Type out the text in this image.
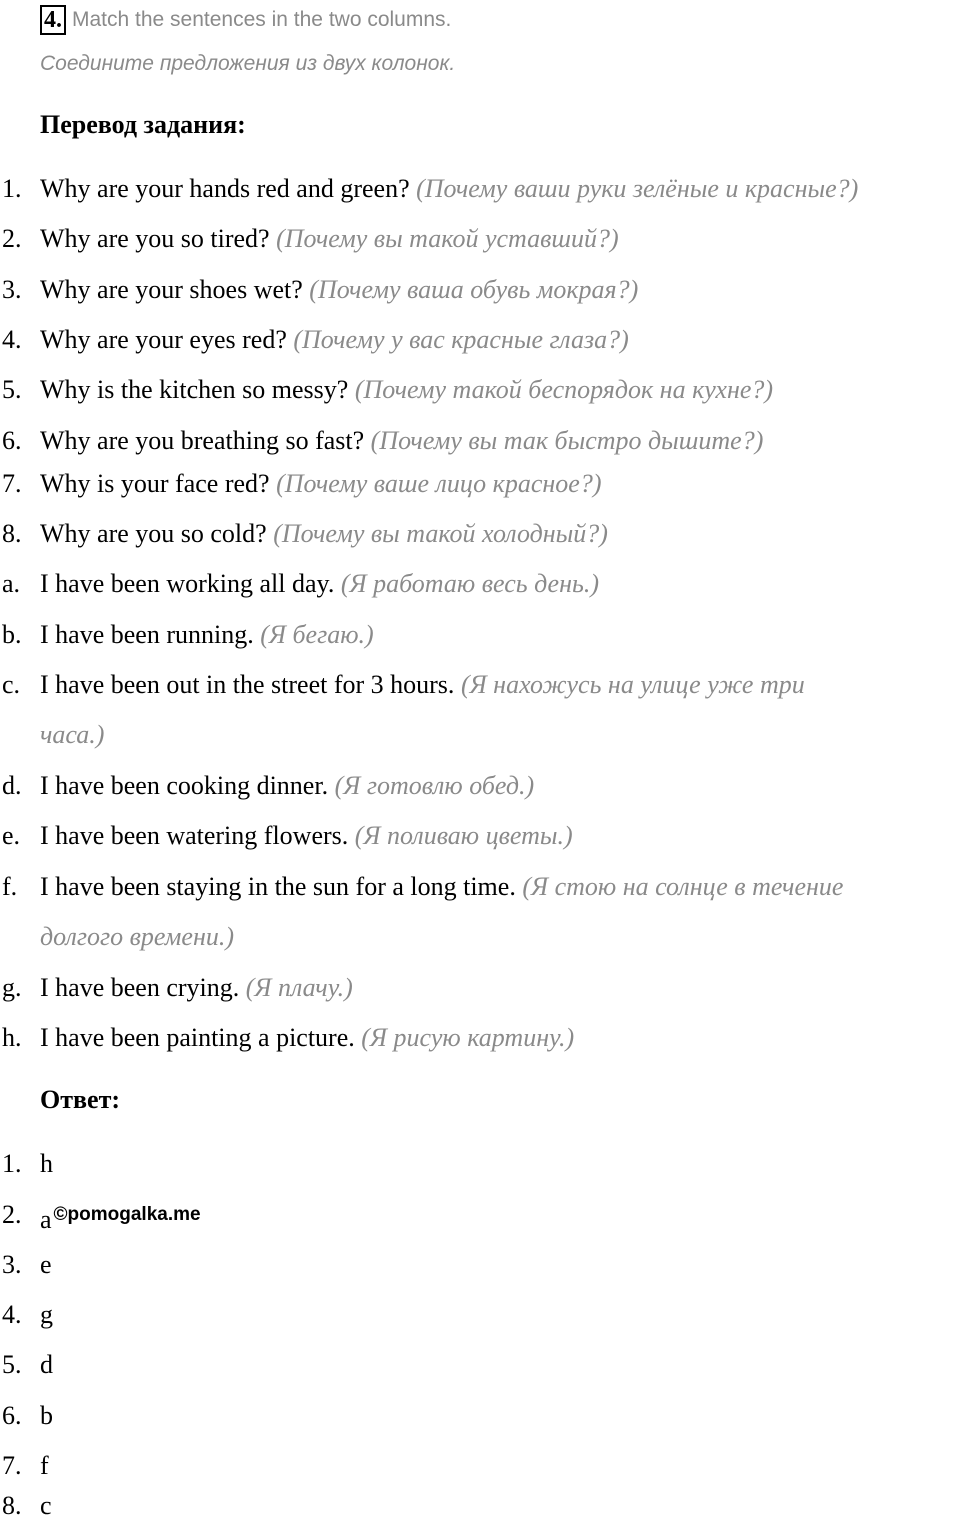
4. Match the sentences in the two columns.
Соедините предложения из двух колонок.
Перевод задания:
1. Why are your hands red and green? (Почему ваши руки зелёные и красные?)
2. Why are you so tired? (Почему вы такой уставший?)
3. Why are your shoes wet? (Почему ваша обувь мокрая?)
4. Why are your eyes red? (Почему у вас красные глаза?)
5. Why is the kitchen so messy? (Почему такой беспорядок на кухне?)
6. Why are you breathing so fast? (Почему вы так быстро дышите?)
7. Why is your face red? (Почему ваше лицо красное?)
8. Why are you so cold? (Почему вы такой холодный?)
a. I have been working all day. (Я работаю весь день.)
b. I have been running. (Я бегаю.)
c. I have been out in the street for 3 hours. (Я нахожусь на улице уже три
часа.)
d. I have been cooking dinner. (Я готовлю обед.)
e. I have been watering flowers. (Я поливаю цветы.)
f. I have been staying in the sun for a long time. (Я стою на солнце в течение
долгого времени.)
g. I have been crying. (Я плачу.)
h. I have been painting a picture. (Я рисую картину.)
Ответ:
1. h
2. a $^{©pomogalka.me}$
3. e
4. g
5. d
6. b
7. f
8. c
